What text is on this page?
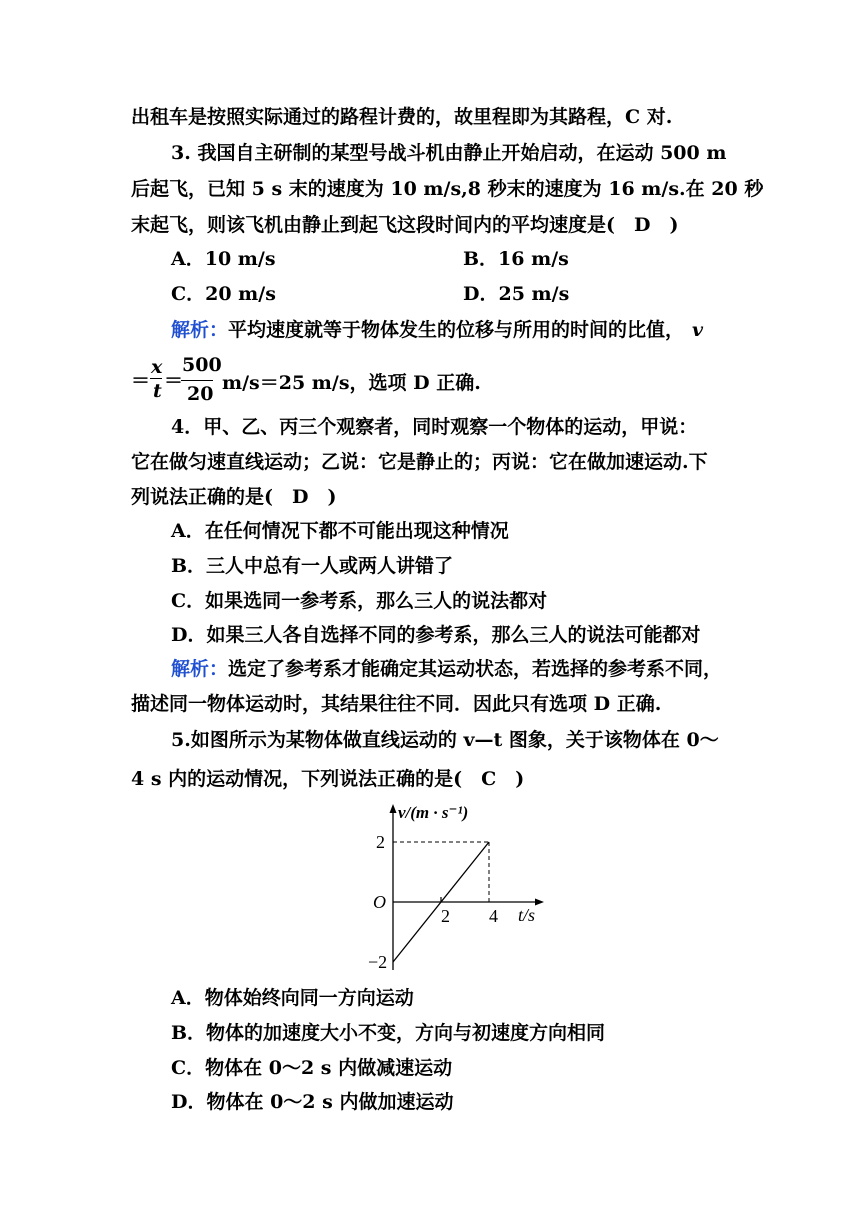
出租车是按照实际通过的路程计费的，故里程即为其路程，C 对.
3. 我国自主研制的某型号战斗机由静止开始启动，在运动 500 m
后起飞，已知 5 s 末的速度为 10 m/s,8 秒末的速度为 16 m/s.在 20 秒
末起飞，则该飞机由静止到起飞这段时间内的平均速度是(　D　)
A．10 m/s	B．16 m/s
C．20 m/s	D．25 m/s
解析：平均速度就等于物体发生的位移与所用的时间的比值， v
＝
x
t ＝
500
20 m/s＝25 m/s，选项 D 正确.
4．甲、乙、丙三个观察者，同时观察一个物体的运动，甲说：
它在做匀速直线运动；乙说：它是静止的；丙说：它在做加速运动.下
列说法正确的是(　D　)
A．在任何情况下都不可能出现这种情况
B．三人中总有一人或两人讲错了
C．如果选同一参考系，那么三人的说法都对
D．如果三人各自选择不同的参考系，那么三人的说法可能都对
解析：选定了参考系才能确定其运动状态，若选择的参考系不同，
描述同一物体运动时，其结果往往不同．因此只有选项 D 正确.
5.如图所示为某物体做直线运动的 v—t 图象，关于该物体在 0～
4 s 内的运动情况，下列说法正确的是(　C　)
v/(m · s⁻¹)
O
2
−2
2 4 t/s
A．物体始终向同一方向运动
B．物体的加速度大小不变，方向与初速度方向相同
C．物体在 0～2 s 内做减速运动
D．物体在 0～2 s 内做加速运动
